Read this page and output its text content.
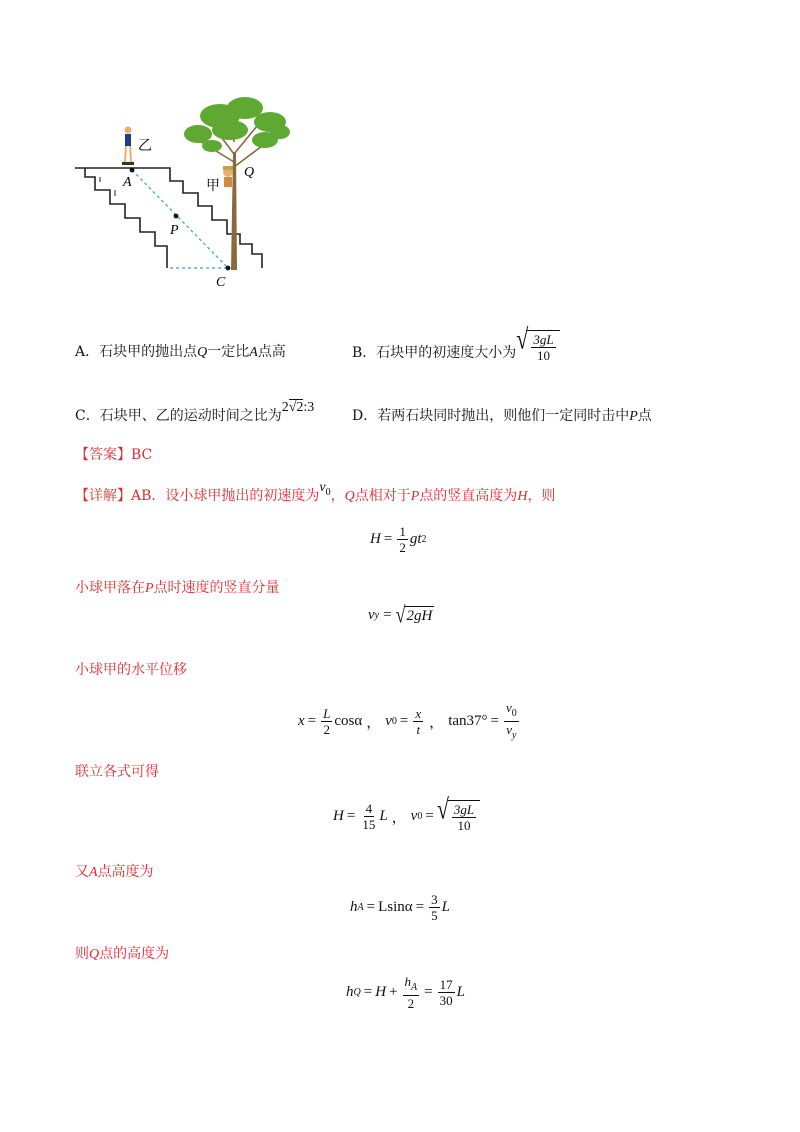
乙
甲
A
P
C
Q
A．石块甲的抛出点Q一定比A点高	B．石块甲的初速度大小为 √ $\frac{3gL}{10}$
C．石块甲、乙的运动时间之比为
2√2:3
D．若两石块同时抛出，则他们一定同时击中P点
【答案】BC
【详解】AB．设小球甲抛出的初速度为
$v_0$ ，Q点相对于P点的竖直高度为H，则
$H = \frac{1}{2}$ gt 2
小球甲落在P点时速度的竖直分量
v y = √ 2gH
小球甲的水平位移
$x = \frac{L}{2}$ cosα ， v $0 = \frac{x}{t}$ ， $\tan 37^\circ = \frac{v_0}{v_y}$
联立各式可得
$H = \frac{4}{15}$ L ， v 0 = √ $\frac{3gL}{10}$
又A点高度为
h $A = Lsin\alpha = \frac{3}{5}$ L
则Q点的高度为
h $Q = H + \frac{h_A}{2} = \frac{17}{30}$ L
